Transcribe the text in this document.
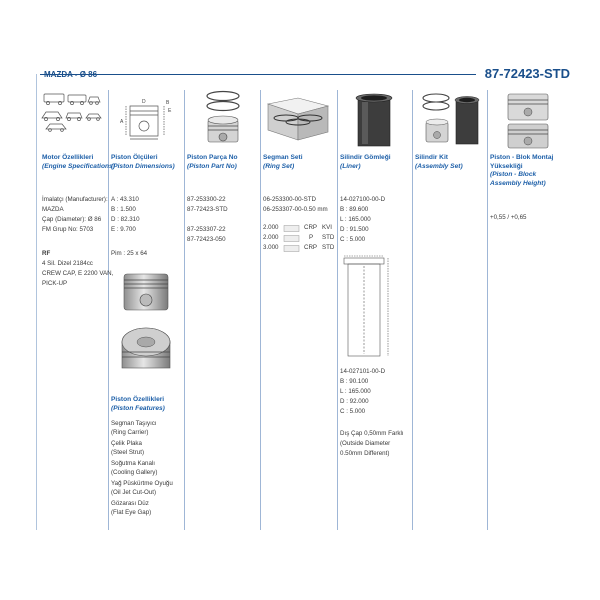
87-72423-STD
Motor Özellikleri
(Engine Specifications)
İmalatçı (Manufacturer):
MAZDA
Çap (Diameter): Ø 86
FM Grup No: 5703
RF
4 Sil. Dizel 2184cc
CREW CAP, E 2200 VAN,
PICK-UP
A
B
D
E
Piston Ölçüleri
(Piston Dimensions)
A : 43.310
B : 1.500
D : 82.310
E : 9.700
Pim : 25 x 64
Piston Özellikleri
(Piston Features)
Segman Taşıyıcı
(Ring Carrier)
Çelik Plaka
(Steel Strut)
Soğutma Kanalı
(Cooling Gallery)
Yağ Püskürtme Oyuğu
(Oil Jet Cut-Out)
Gözarası Düz
(Flat Eye Gap)
Piston Parça No
(Piston Part No)
87-253300-22
87-72423-STD
87-253307-22
87-72423-050
Segman Seti
(Ring Set)
06-253300-00-STD
06-253307-00-0.50 mm
2.000	CRP KVI
2.000	P STD
3.000	CRP STD
Silindir Gömleği
(Liner)
14-027100-00-D
B : 89.600
L : 165.000
D : 91.500
C : 5.000
14-027101-00-D
B : 90.100
L : 165.000
D : 92.000
C : 5.000
Dış Çap 0,50mm Farklı
(Outside Diameter
0.50mm Different)
Silindir Kit
(Assembly Set)
Piston - Blok Montaj
Yüksekliği
(Piston - Block
Assembly Height)
+0,55 / +0,65
